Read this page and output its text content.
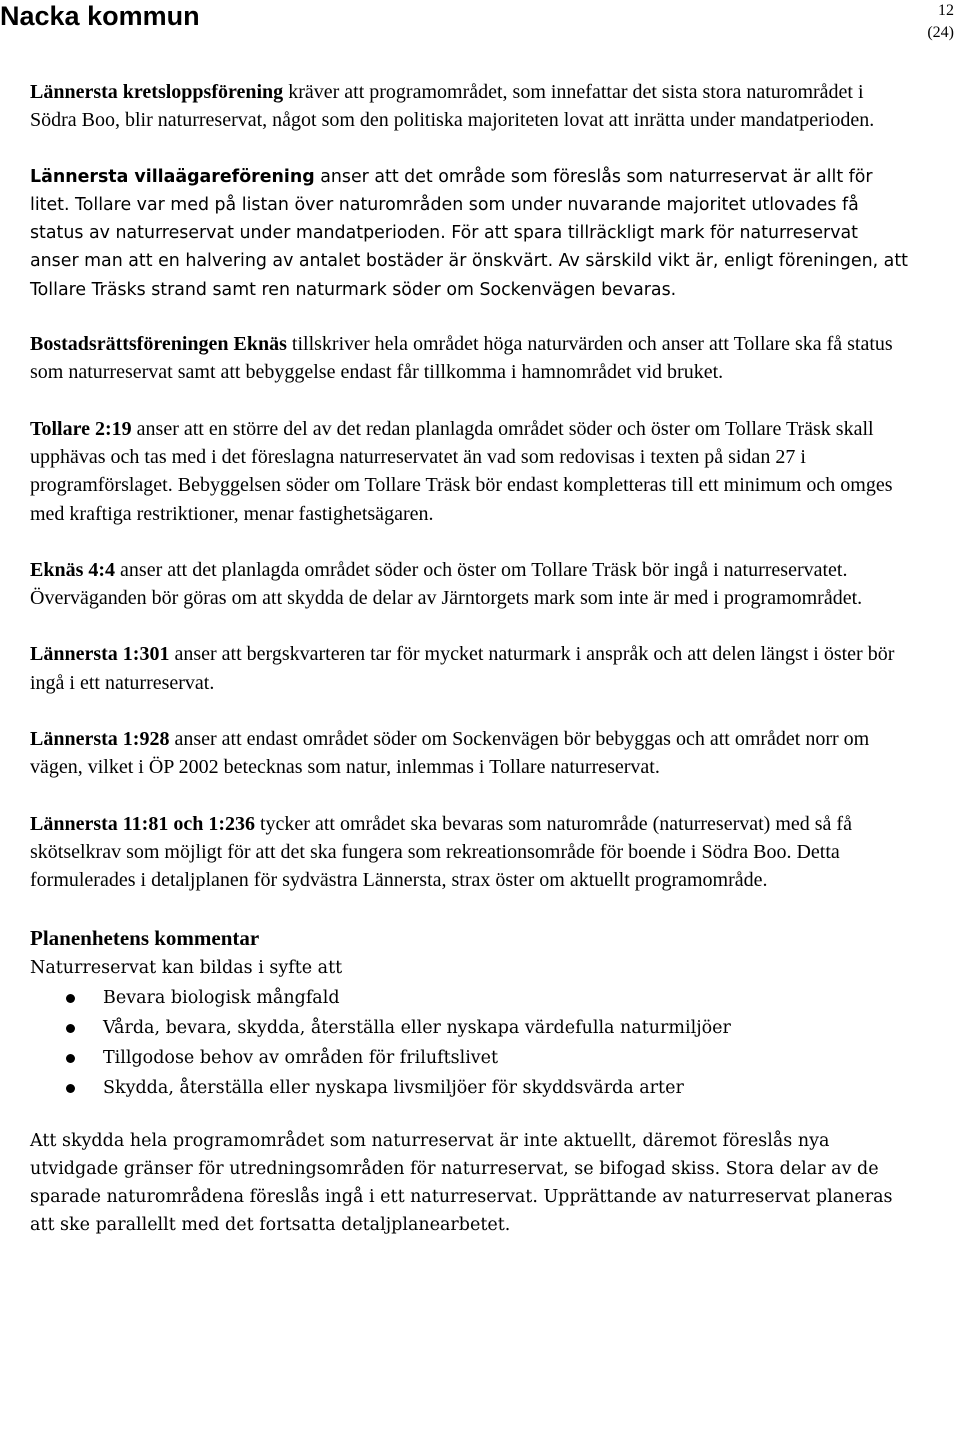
Nacka kommun	12
(24)

Lännersta kretsloppsförening kräver att programområdet, som innefattar det sista stora naturområdet i Södra Boo, blir naturreservat, något som den politiska majoriteten lovat att inrätta under mandatperioden.

Lännersta villaägareförening anser att det område som föreslås som naturreservat är allt för litet. Tollare var med på listan över naturområden som under nuvarande majoritet utlovades få status av naturreservat under mandatperioden. För att spara tillräckligt mark för naturreservat anser man att en halvering av antalet bostäder är önskvärt. Av särskild vikt är, enligt föreningen, att Tollare Träsks strand samt ren naturmark söder om Sockenvägen bevaras.

Bostadsrättsföreningen Eknäs tillskriver hela området höga naturvärden och anser att Tollare ska få status som naturreservat samt att bebyggelse endast får tillkomma i hamnområdet vid bruket.

Tollare 2:19 anser att en större del av det redan planlagda området söder och öster om Tollare Träsk skall upphävas och tas med i det föreslagna naturreservatet än vad som redovisas i texten på sidan 27 i programförslaget. Bebyggelsen söder om Tollare Träsk bör endast kompletteras till ett minimum och omges med kraftiga restriktioner, menar fastighetsägaren.

Eknäs 4:4 anser att det planlagda området söder och öster om Tollare Träsk bör ingå i naturreservatet. Överväganden bör göras om att skydda de delar av Järntorgets mark som inte är med i programområdet.

Lännersta 1:301 anser att bergskvarteren tar för mycket naturmark i anspråk och att delen längst i öster bör ingå i ett naturreservat.

Lännersta 1:928 anser att endast området söder om Sockenvägen bör bebyggas och att området norr om vägen, vilket i ÖP 2002 betecknas som natur, inlemmas i Tollare naturreservat.

Lännersta 11:81 och 1:236 tycker att området ska bevaras som naturområde (naturreservat) med så få skötselkrav som möjligt för att det ska fungera som rekreationsområde för boende i Södra Boo. Detta formulerades i detaljplanen för sydvästra Lännersta, strax öster om aktuellt programområde.

Planenhetens kommentar

Naturreservat kan bildas i syfte att

Bevara biologisk mångfald
Vårda, bevara, skydda, återställa eller nyskapa värdefulla naturmiljöer
Tillgodose behov av områden för friluftslivet
Skydda, återställa eller nyskapa livsmiljöer för skyddsvärda arter

Att skydda hela programområdet som naturreservat är inte aktuellt, däremot föreslås nya utvidgade gränser för utredningsområden för naturreservat, se bifogad skiss. Stora delar av de sparade naturområdena föreslås ingå i ett naturreservat. Upprättande av naturreservat planeras att ske parallellt med det fortsatta detaljplanearbetet.
